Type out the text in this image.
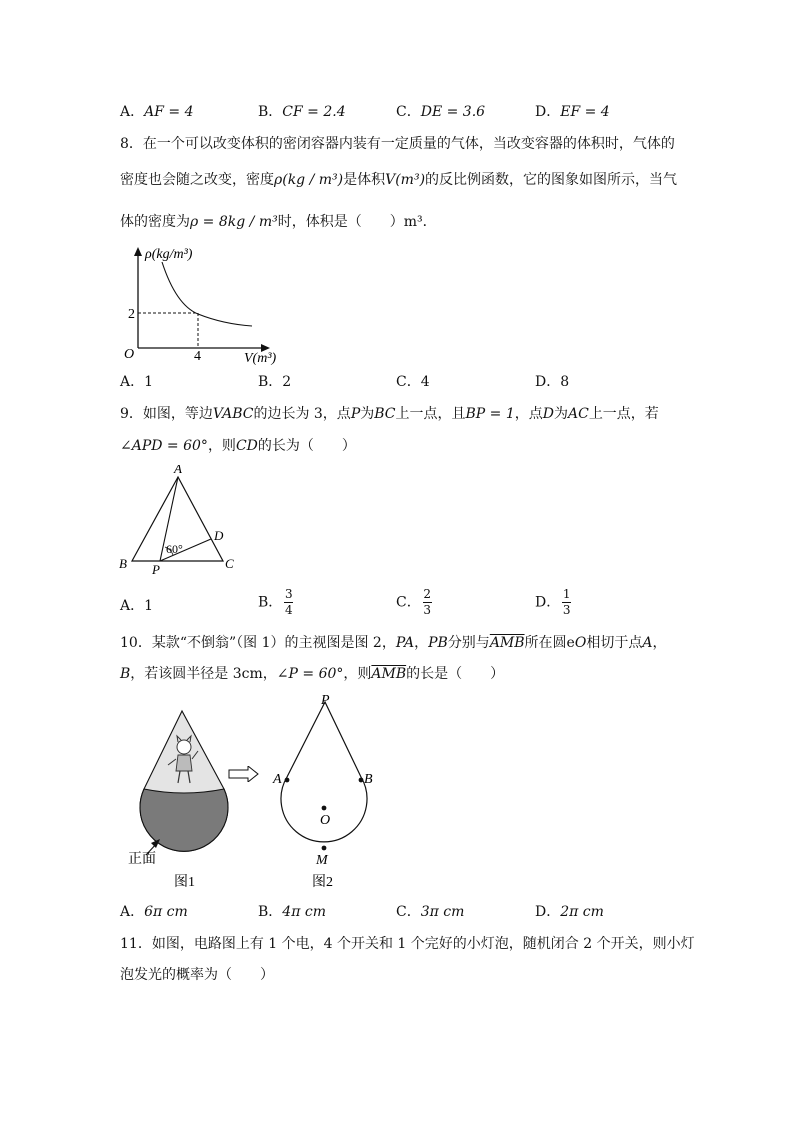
A．AF = 4	B．CF = 2.4	C．DE = 3.6	D．EF = 4
8．在一个可以改变体积的密闭容器内装有一定质量的气体，当改变容器的体积时，气体的
密度也会随之改变，密度ρ(kg / m³)是体积V(m³)的反比例函数，它的图象如图所示，当气
体的密度为ρ = 8kg / m³时，体积是（　　）m³．
ρ(kg/m³)
V(m³)
O
2
4
A．1	B．2	C．4	D．8
9．如图，等边VABC的边长为 3，点P为BC上一点，且BP = 1，点D为AC上一点，若
∠APD = 60°，则CD的长为（　　）
A
B	C
D
P
60°
A．1	B． $\frac{3}{4}$	C． $\frac{2}{3}$	D． $\frac{1}{3}$
10．某款“不倒翁”（图 1）的主视图是图 2，PA，PB分别与$\overline{AMB}$所在圆eO相切于点A，
B，若该圆半径是 3cm，∠P = 60°，则$\overline{AMB}$的长是（　　）
正面
图1
P
A	B
O
M
图2
A．6π cm	B．4π cm	C．3π cm	D．2π cm
11．如图，电路图上有 1 个电，4 个开关和 1 个完好的小灯泡，随机闭合 2 个开关，则小灯
泡发光的概率为（　　）
